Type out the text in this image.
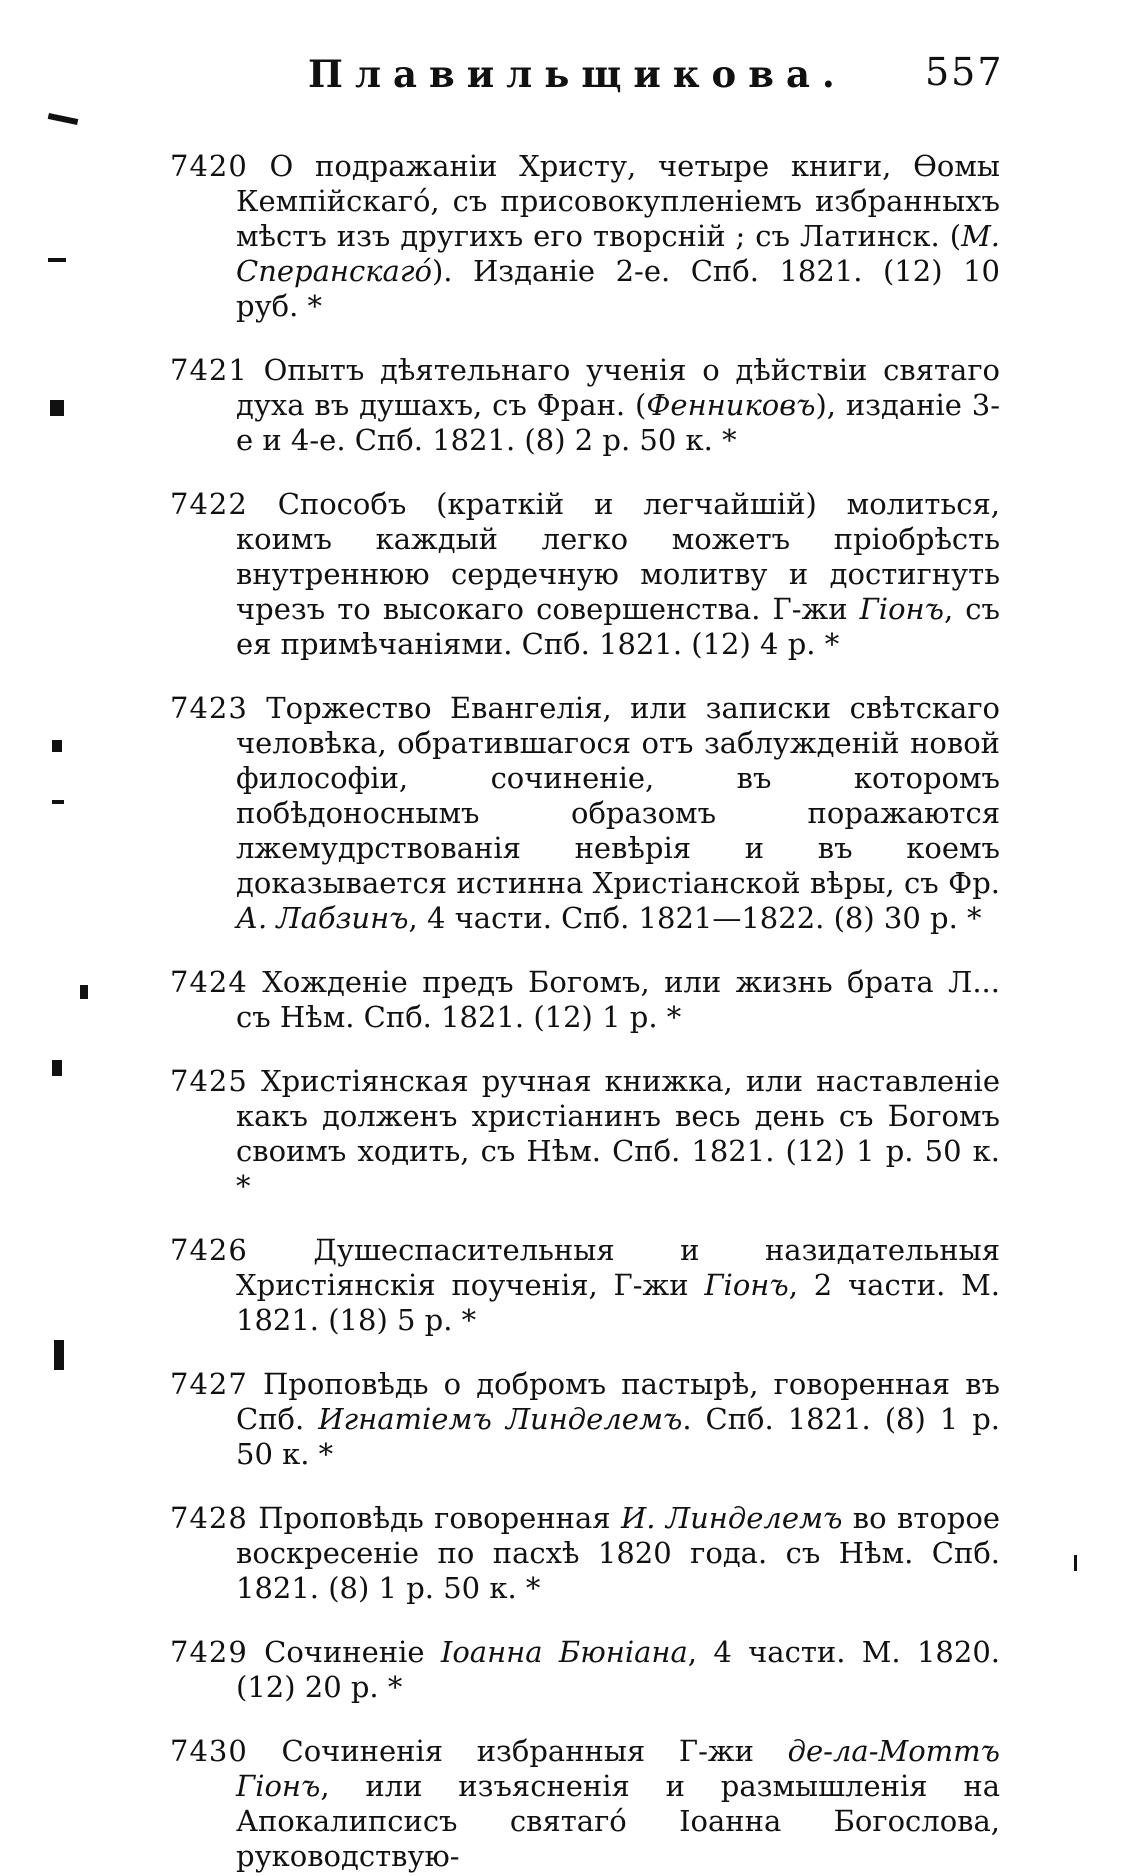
Плавильщикова. 557

7420 О подражаніи Христу, четыре книги, Ѳомы Кемпійскагó, съ присовокупленіемъ избранныхъ мѣстъ изъ другихъ его творсній ; съ Латинск. (М. Сперанскагó). Изданіе 2-е. Спб. 1821. (12) 10 руб. *

7421 Опытъ дѣятельнаго ученія о дѣйствіи святаго духа въ душахъ, съ Фран. (Фенниковъ), изданіе 3-е и 4-е. Спб. 1821. (8) 2 р. 50 к. *

7422 Способъ (краткій и легчайшій) молиться, коимъ каждый легко можетъ пріобрѣсть внутреннюю сердечную молитву и достигнуть чрезъ то высокаго совершенства. Г-жи Гіонъ, съ ея примѣчаніями. Спб. 1821. (12) 4 р. *

7423 Торжество Евангелія, или записки свѣтскаго человѣка, обратившагося отъ заблужденій новой философіи, сочиненіе, въ которомъ побѣдоноснымъ образомъ поражаются лжемудрствованія невѣрія и въ коемъ доказывается истинна Христіанской вѣры, съ Фр. А. Лабзинъ, 4 части. Спб. 1821—1822. (8) 30 р. *

7424 Хожденіе предъ Богомъ, или жизнь брата Л... съ Нѣм. Спб. 1821. (12) 1 р. *

7425 Христіянская ручная книжка, или наставленіе какъ долженъ христіанинъ весь день съ Богомъ своимъ ходить, съ Нѣм. Спб. 1821. (12) 1 р. 50 к. *

7426 Душеспасительныя и назидательныя Христіянскія поученія, Г-жи Гіонъ, 2 части. М. 1821. (18) 5 р. *

7427 Проповѣдь о добромъ пастырѣ, говоренная въ Спб. Игнатіемъ Линделемъ. Спб. 1821. (8) 1 р. 50 к. *

7428 Проповѣдь говоренная И. Линделемъ во второе воскресеніе по пасхѣ 1820 года. съ Нѣм. Спб. 1821. (8) 1 р. 50 к. *

7429 Сочиненіе Іоанна Бюніана, 4 части. М. 1820. (12) 20 р. *

7430 Сочиненія избранныя Г-жи де-ла-Моттъ Гіонъ, или изъясненія и размышленія на Апокалипсисъ святагó Іоанна Богослова, руководствую-
